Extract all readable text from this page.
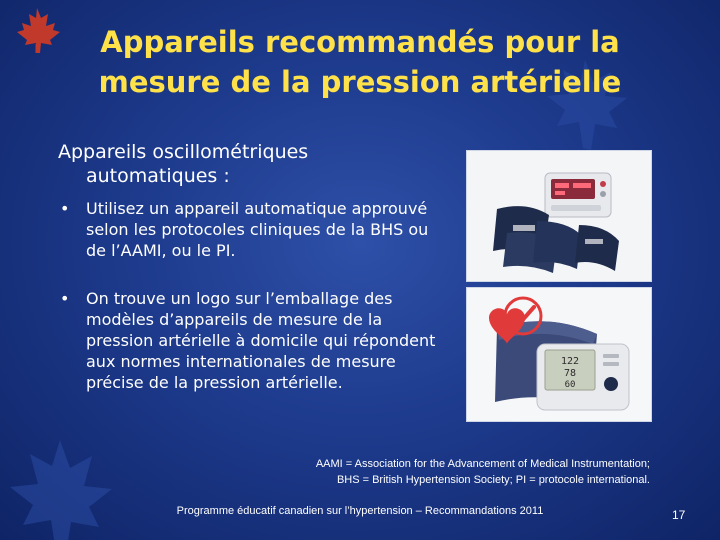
Appareils recommandés pour la mesure de la pression artérielle
Appareils oscillométriques
automatiques :
• Utilisez un appareil automatique approuvé selon les protocoles cliniques de la BHS ou de l’AAMI, ou le PI.
• On trouve un logo sur l’emballage des modèles d’appareils de mesure de la pression artérielle à domicile qui répondent aux normes internationales de mesure précise de la pression artérielle.
122
78
60
AAMI = Association for the Advancement of Medical Instrumentation;
BHS = British Hypertension Society; PI = protocole international.
Programme éducatif canadien sur l’hypertension – Recommandations 2011	17
